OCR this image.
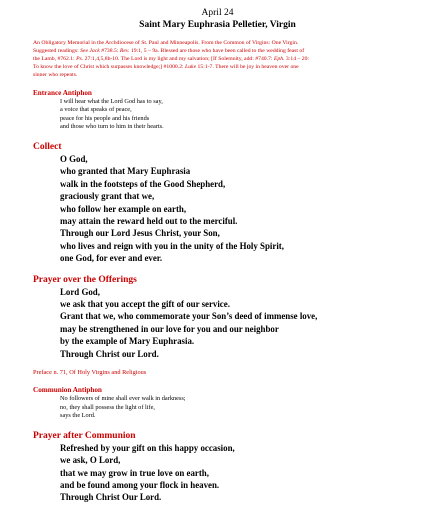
April 24
Saint Mary Euphrasia Pelletier, Virgin
An Obligatory Memorial in the Archdiocese of St. Paul and Minneapolis. From the Common of Virgins: One Virgin.
Suggested readings: See Jack #738.5: Rev. 19:1, 5 – 9a. Blessed are those who have been called to the wedding feast of
the Lamb, #762.1: Ps. 27:1,4,5,8b-10. The Lord is my light and my salvation; [If Solemnity, add: #740.7: Eph. 3:14 – 20:
To know the love of Christ which surpasses knowledge;] #1000.2: Luke 15:1-7. There will be joy in heaven over one
sinner who repents.
Entrance Antiphon
I will hear what the Lord God has to say,
a voice that speaks of peace,
peace for his people and his friends
and those who turn to him in their hearts.
Collect
O God,
who granted that Mary Euphrasia
walk in the footsteps of the Good Shepherd,
graciously grant that we,
who follow her example on earth,
may attain the reward held out to the merciful.
Through our Lord Jesus Christ, your Son,
who lives and reign with you in the unity of the Holy Spirit,
one God, for ever and ever.
Prayer over the Offerings
Lord God,
we ask that you accept the gift of our service.
Grant that we, who commemorate your Son’s deed of immense love,
may be strengthened in our love for you and our neighbor
by the example of Mary Euphrasia.
Through Christ our Lord.
Preface n. 71, Of Holy Virgins and Religious
Communion Antiphon
No followers of mine shall ever walk in darkness;
no, they shall possess the light of life,
says the Lord.
Prayer after Communion
Refreshed by your gift on this happy occasion,
we ask, O Lord,
that we may grow in true love on earth,
and be found among your flock in heaven.
Through Christ Our Lord.
